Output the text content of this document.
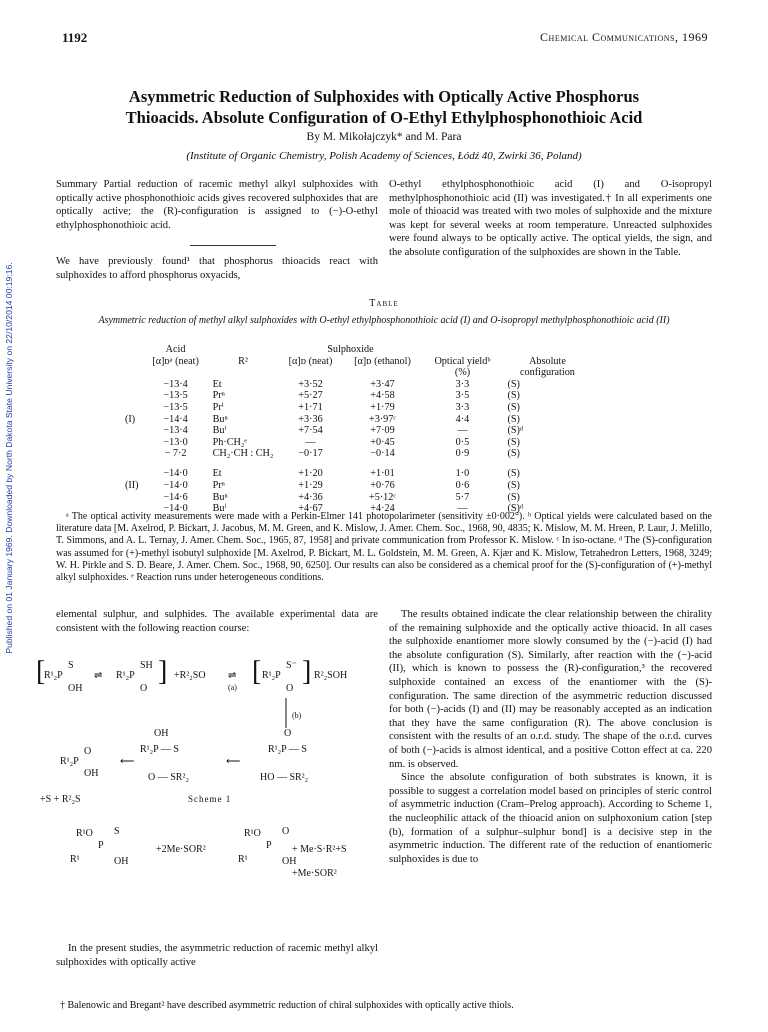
Published on 01 January 1969. Downloaded by North Dakota State University on 22/10/2014 00:19:16.
1192	Chemical Communications, 1969
Asymmetric Reduction of Sulphoxides with Optically Active Phosphorus
Thioacids. Absolute Configuration of O-Ethyl Ethylphosphonothioic Acid
By M. Mikołajczyk* and M. Para
(Institute of Organic Chemistry, Polish Academy of Sciences, Łódź 40, Zwirki 36, Poland)

Summary Partial reduction of racemic methyl alkyl sulphoxides with optically active phosphonothioic acids gives recovered sulphoxides that are optically active; the (R)-configuration is assigned to (−)-O-ethyl ethylphosphonothioic acid.

We have previously found¹ that phosphorus thioacids react with sulphoxides to afford phosphorus oxyacids,

O-ethyl ethylphosphonothioic acid (I) and O-isopropyl methylphosphonothioic acid (II) was investigated.† In all experiments one mole of thioacid was treated with two moles of sulphoxide and the mixture was kept for several weeks at room temperature. Unreacted sulphoxides were found always to be optically active. The optical yields, the sign, and the absolute configuration of the sulphoxides are shown in the Table.

Table
Asymmetric reduction of methyl alkyl sulphoxides with O-ethyl ethylphosphonothioic acid (I) and O-isopropyl methylphosphonothioic acid (II)
	Acid		Sulphoxide			
	[α]ᴅᵃ (neat)	R²	[α]ᴅ (neat)	[α]ᴅ (ethanol)	Optical yieldᵇ (%)	Absolute configuration
	−13·4	Et	+3·52	+3·47	3·3	(S)
	−13·5	Prⁿ	+5·27	+4·58	3·5	(S)
	−13·5	Prⁱ	+1·71	+1·79	3·3	(S)
(I)	−14·4	Buⁿ	+3·36	+3·97ᶜ	4·4	(S)
	−13·4	Buⁱ	+7·54	+7·09	—	(S)ᵈ
	−13·0	Ph·CH₂ᵉ	—	+0·45	0·5	(S)
	− 7·2	CH₂·CH : CH₂	−0·17	−0·14	0·9	(S)
	−14·0	Et	+1·20	+1·01	1·0	(S)
(II)	−14·0	Prⁿ	+1·29	+0·76	0·6	(S)
	−14·6	Buⁿ	+4·36	+5·12ᶜ	5·7	(S)
	−14·0	Buⁱ	+4·67	+4·24	—	(S)ᵈ

ᵃ The optical activity measurements were made with a Perkin-Elmer 141 photopolarimeter (sensitivity ±0·002°). ᵇ Optical yields were calculated based on the literature data [M. Axelrod, P. Bickart, J. Jacobus, M. M. Green, and K. Mislow, J. Amer. Chem. Soc., 1968, 90, 4835; K. Mislow, M. M. Hreen, P. Laur, J. Melillo, T. Simmons, and A. L. Ternay, J. Amer. Chem. Soc., 1965, 87, 1958] and private communication from Professor K. Mislow. ᶜ In iso-octane. ᵈ The (S)-configuration was assumed for (+)-methyl isobutyl sulphoxide [M. Axelrod, P. Bickart, M. L. Goldstein, M. M. Green, A. Kjær and K. Mislow, Tetrahedron Letters, 1968, 3249; W. H. Pirkle and S. D. Beare, J. Amer. Chem. Soc., 1968, 90, 6250]. Our results can also be considered as a chemical proof for the (S)-configuration of (+)-methyl alkyl sulphoxides. ᵉ Reaction runs under heterogeneous conditions.

elemental sulphur, and sulphides. The available experimental data are consistent with the following reaction course:

[
R¹₂P
S
OH
⇌ R¹₂P
SH
O
] +R²₂SO ⇌
(a)
[ R¹₂P
S⁻
O
] R²₂SOH
(b)
R¹₂P
O
OH
⟵
OH
R¹₂P — S
O — SR²₂
⟵
O
R¹₂P — S
HO — SR²₂
+S + R²₂S	Scheme 1
R¹O
P
S
R¹	OH
+2Me·SOR²
R¹O
P
O
R¹	OH
+ Me·S·R²+S
+Me·SOR²

In the present studies, the asymmetric reduction of racemic methyl alkyl sulphoxides with optically active

The results obtained indicate the clear relationship between the chirality of the remaining sulphoxide and the optically active thioacid. In all cases the sulphoxide enantiomer more slowly consumed by the (−)-acid (I) had the absolute configuration (S). Similarly, after reaction with the (−)-acid (II), which is known to possess the (R)-configuration,³ the recovered sulphoxide contained an excess of the enantiomer with the (S)-configuration. The same direction of the asymmetric reduction discussed for both (−)-acids (I) and (II) may be reasonably accepted as an indication that they have the same configuration (R). The above conclusion is consistent with the results of an o.r.d. study. The shape of the o.r.d. curves of both (−)-acids is almost identical, and a positive Cotton effect at ca. 220 nm. is observed.

Since the absolute configuration of both substrates is known, it is possible to suggest a correlation model based on principles of steric control of asymmetric induction (Cram–Prelog approach). According to Scheme 1, the nucleophilic attack of the thioacid anion on sulphoxonium cation [step (b), formation of a sulphur–sulphur bond] is a decisive step in the asymmetric induction. The different rate of the reduction of enantiomeric sulphoxides is due to

† Balenowic and Bregant² have described asymmetric reduction of chiral sulphoxides with optically active thiols.
